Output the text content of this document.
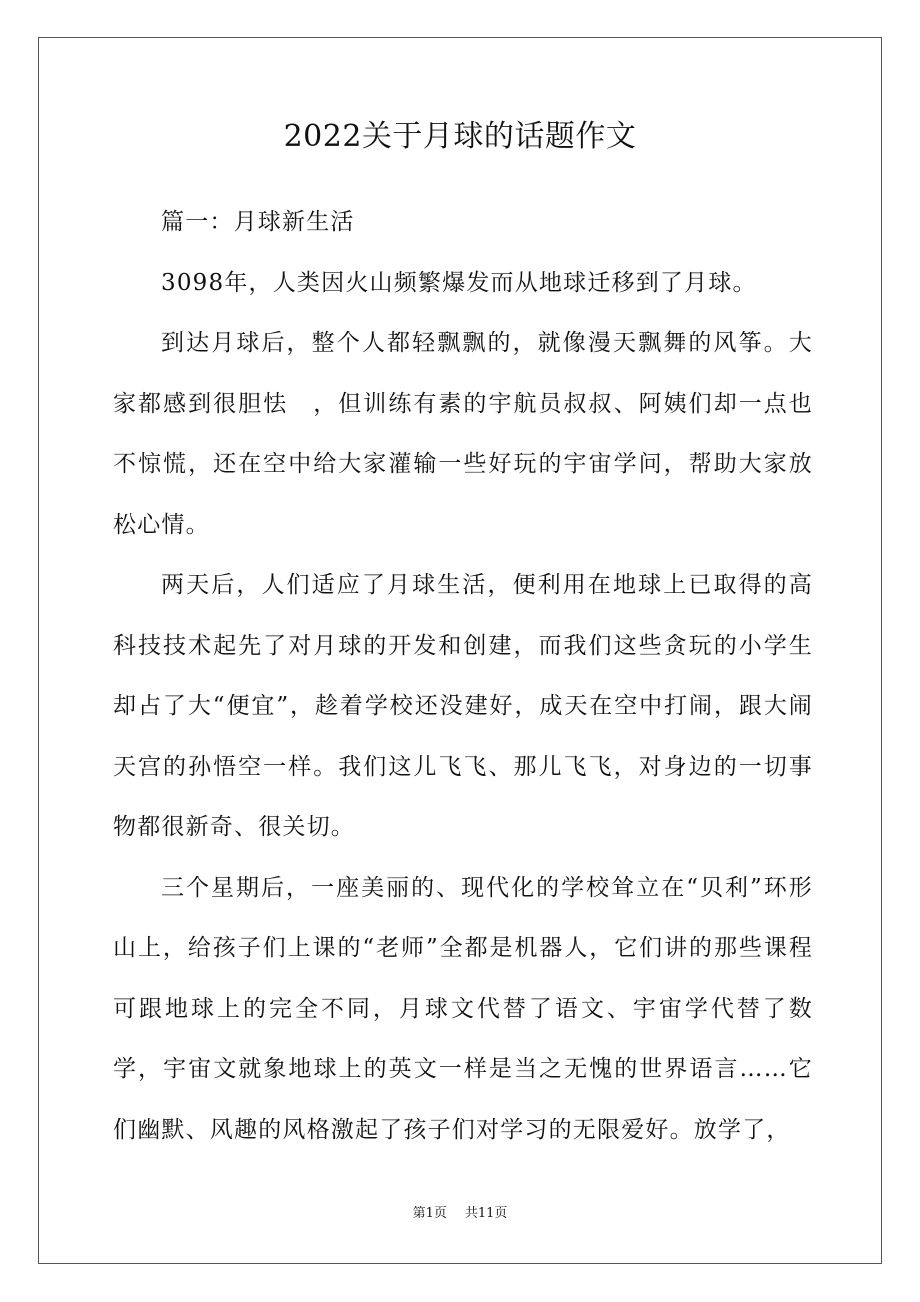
2022关于月球的话题作文

篇一：月球新生活

3098年，人类因火山频繁爆发而从地球迁移到了月球。

到达月球后，整个人都轻飘飘的，就像漫天飘舞的风筝。大家都感到很胆怯　，但训练有素的宇航员叔叔、阿姨们却一点也不惊慌，还在空中给大家灌输一些好玩的宇宙学问，帮助大家放松心情。

两天后，人们适应了月球生活，便利用在地球上已取得的高科技技术起先了对月球的开发和创建，而我们这些贪玩的小学生却占了大“便宜”，趁着学校还没建好，成天在空中打闹，跟大闹天宫的孙悟空一样。我们这儿飞飞、那儿飞飞，对身边的一切事物都很新奇、很关切。

三个星期后，一座美丽的、现代化的学校耸立在“贝利”环形山上，给孩子们上课的“老师”全都是机器人，它们讲的那些课程可跟地球上的完全不同，月球文代替了语文、宇宙学代替了数学，宇宙文就象地球上的英文一样是当之无愧的世界语言……它们幽默、风趣的风格激起了孩子们对学习的无限爱好。放学了，

第1页 共11页
